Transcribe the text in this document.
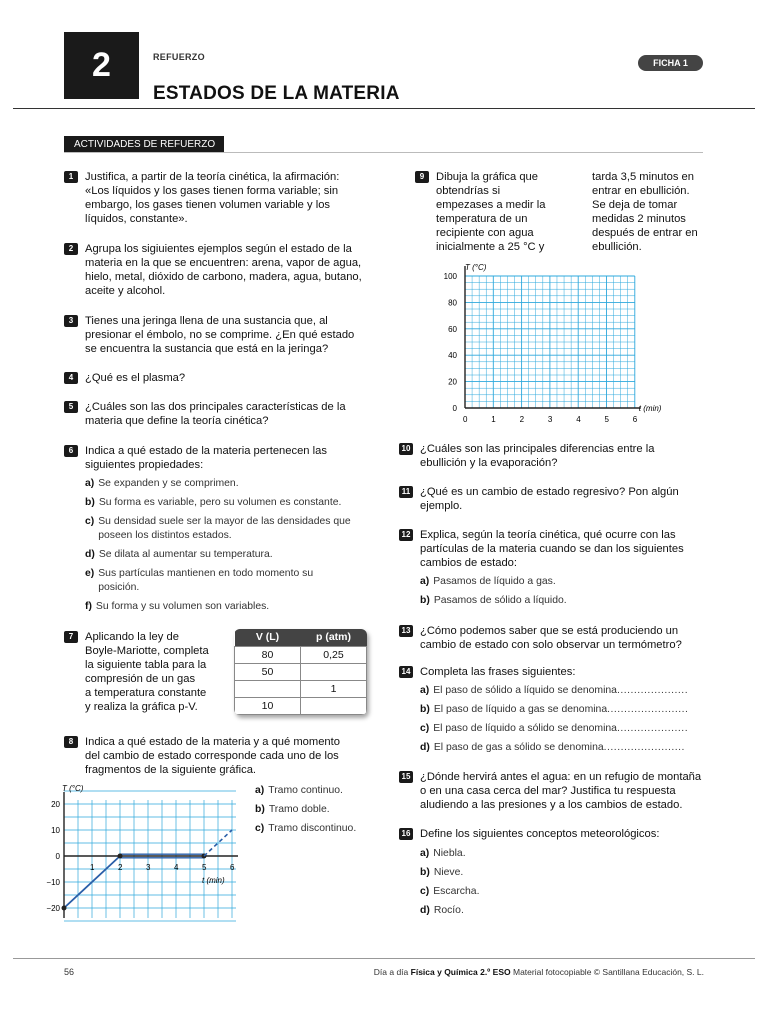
2	REFUERZO
ESTADOS DE LA MATERIA
FICHA 1
ACTIVIDADES DE REFUERZO
1	Justifica, a partir de la teoría cinética, la afirmación:
«Los líquidos y los gases tienen forma variable; sin
embargo, los gases tienen volumen variable y los
líquidos, constante».
2	Agrupa los sigiuientes ejemplos según el estado de la
materia en la que se encuentren: arena, vapor de agua,
hielo, metal, dióxido de carbono, madera, agua, butano,
aceite y alcohol.
3	Tienes una jeringa llena de una sustancia que, al
presionar el émbolo, no se comprime. ¿En qué estado
se encuentra la sustancia que está en la jeringa?
4	¿Qué es el plasma?
5	¿Cuáles son las dos principales características de la
materia que define la teoría cinética?
6	Indica a qué estado de la materia pertenecen las
siguientes propiedades:
a) Se expanden y se comprimen.
b) Su forma es variable, pero su volumen es constante.
c) Su densidad suele ser la mayor de las densidades que
poseen los distintos estados.
d) Se dilata al aumentar su temperatura.
e) Sus partículas mantienen en todo momento su
posición.
f) Su forma y su volumen son variables.
7	Aplicando la ley de
Boyle-Mariotte, completa
la siguiente tabla para la
compresión de un gas
a temperatura constante
y realiza la gráfica p-V.
V (L)	p (atm)
80	0,25
50	
	1
10	
8	Indica a qué estado de la materia y a qué momento
del cambio de estado corresponde cada uno de los
fragmentos de la siguiente gráfica.
T (°C)
t (min)
1	2	3	4	5	6
20
10
0
−10
−20
a) Tramo continuo.
b) Tramo doble.
c) Tramo discontinuo.
9	Dibuja la gráfica que
obtendrías si
empezases a medir la
temperatura de un
recipiente con agua
inicialmente a 25 °C y
tarda 3,5 minutos en
entrar en ebullición.
Se deja de tomar
medidas 2 minutos
después de entrar en
ebullición.
T (°C)
t (min)
0	1	2	3	4	5	6
100
80
60
40
20
0
10 ¿Cuáles son las principales diferencias entre la
ebullición y la evaporación?
11 ¿Qué es un cambio de estado regresivo? Pon algún
ejemplo.
12 Explica, según la teoría cinética, qué ocurre con las
partículas de la materia cuando se dan los siguientes
cambios de estado:
a) Pasamos de líquido a gas.
b) Pasamos de sólido a líquido.
13 ¿Cómo podemos saber que se está produciendo un
cambio de estado con solo observar un termómetro?
14 Completa las frases siguientes:
a) El paso de sólido a líquido se denomina.....................
b) El paso de líquido a gas se denomina........................
c) El paso de líquido a sólido se denomina.....................
d) El paso de gas a sólido se denomina........................
15 ¿Dónde hervirá antes el agua: en un refugio de montaña
o en una casa cerca del mar? Justifica tu respuesta
aludiendo a las presiones y a los cambios de estado.
16 Define los siguientes conceptos meteorológicos:
a) Niebla.
b) Nieve.
c) Escarcha.
d) Rocío.
56	Día a día Física y Química 2.º ESO Material fotocopiable © Santillana Educación, S. L.
